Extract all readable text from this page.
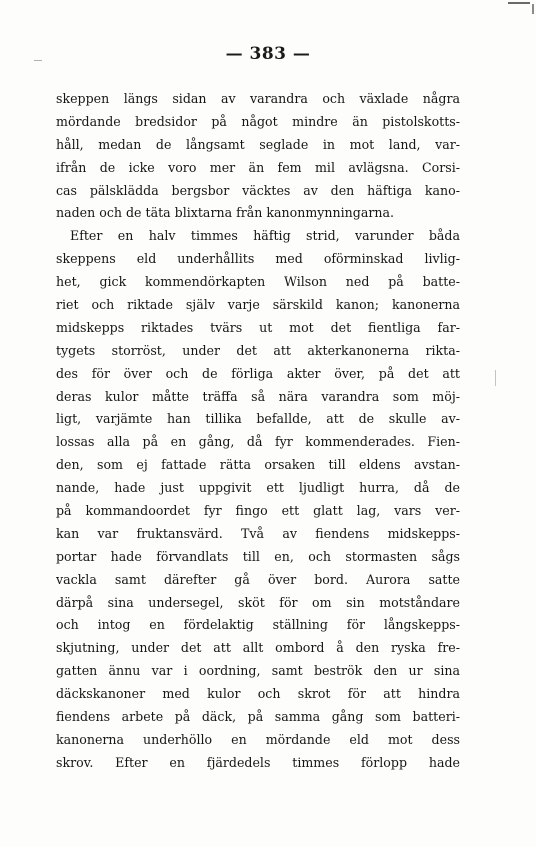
— 383 —
skeppen längs sidan av varandra och växlade några
mördande bredsidor på något mindre än pistolskotts-
håll, medan de långsamt seglade in mot land, var-
ifrån de icke voro mer än fem mil avlägsna. Corsi-
cas pälsklädda bergsbor väcktes av den häftiga kano-
naden och de täta blixtarna från kanonmynningarna.
Efter en halv timmes häftig strid, varunder båda
skeppens eld underhållits med oförminskad livlig-
het, gick kommendörkapten Wilson ned på batte-
riet och riktade själv varje särskild kanon; kanonerna
midskepps riktades tvärs ut mot det fientliga far-
tygets storröst, under det att akterkanonerna rikta-
des för över och de förliga akter över, på det att
deras kulor måtte träffa så nära varandra som möj-
ligt, varjämte han tillika befallde, att de skulle av-
lossas alla på en gång, då fyr kommenderades. Fien-
den, som ej fattade rätta orsaken till eldens avstan-
nande, hade just uppgivit ett ljudligt hurra, då de
på kommandoordet fyr fingo ett glatt lag, vars ver-
kan var fruktansvärd. Två av fiendens midskepps-
portar hade förvandlats till en, och stormasten sågs
vackla samt därefter gå över bord. Aurora satte
därpå sina undersegel, sköt för om sin motståndare
och intog en fördelaktig ställning för långskepps-
skjutning, under det att allt ombord å den ryska fre-
gatten ännu var i oordning, samt beströk den ur sina
däckskanoner med kulor och skrot för att hindra
fiendens arbete på däck, på samma gång som batteri-
kanonerna underhöllo en mördande eld mot dess
skrov. Efter en fjärdedels timmes förlopp hade
